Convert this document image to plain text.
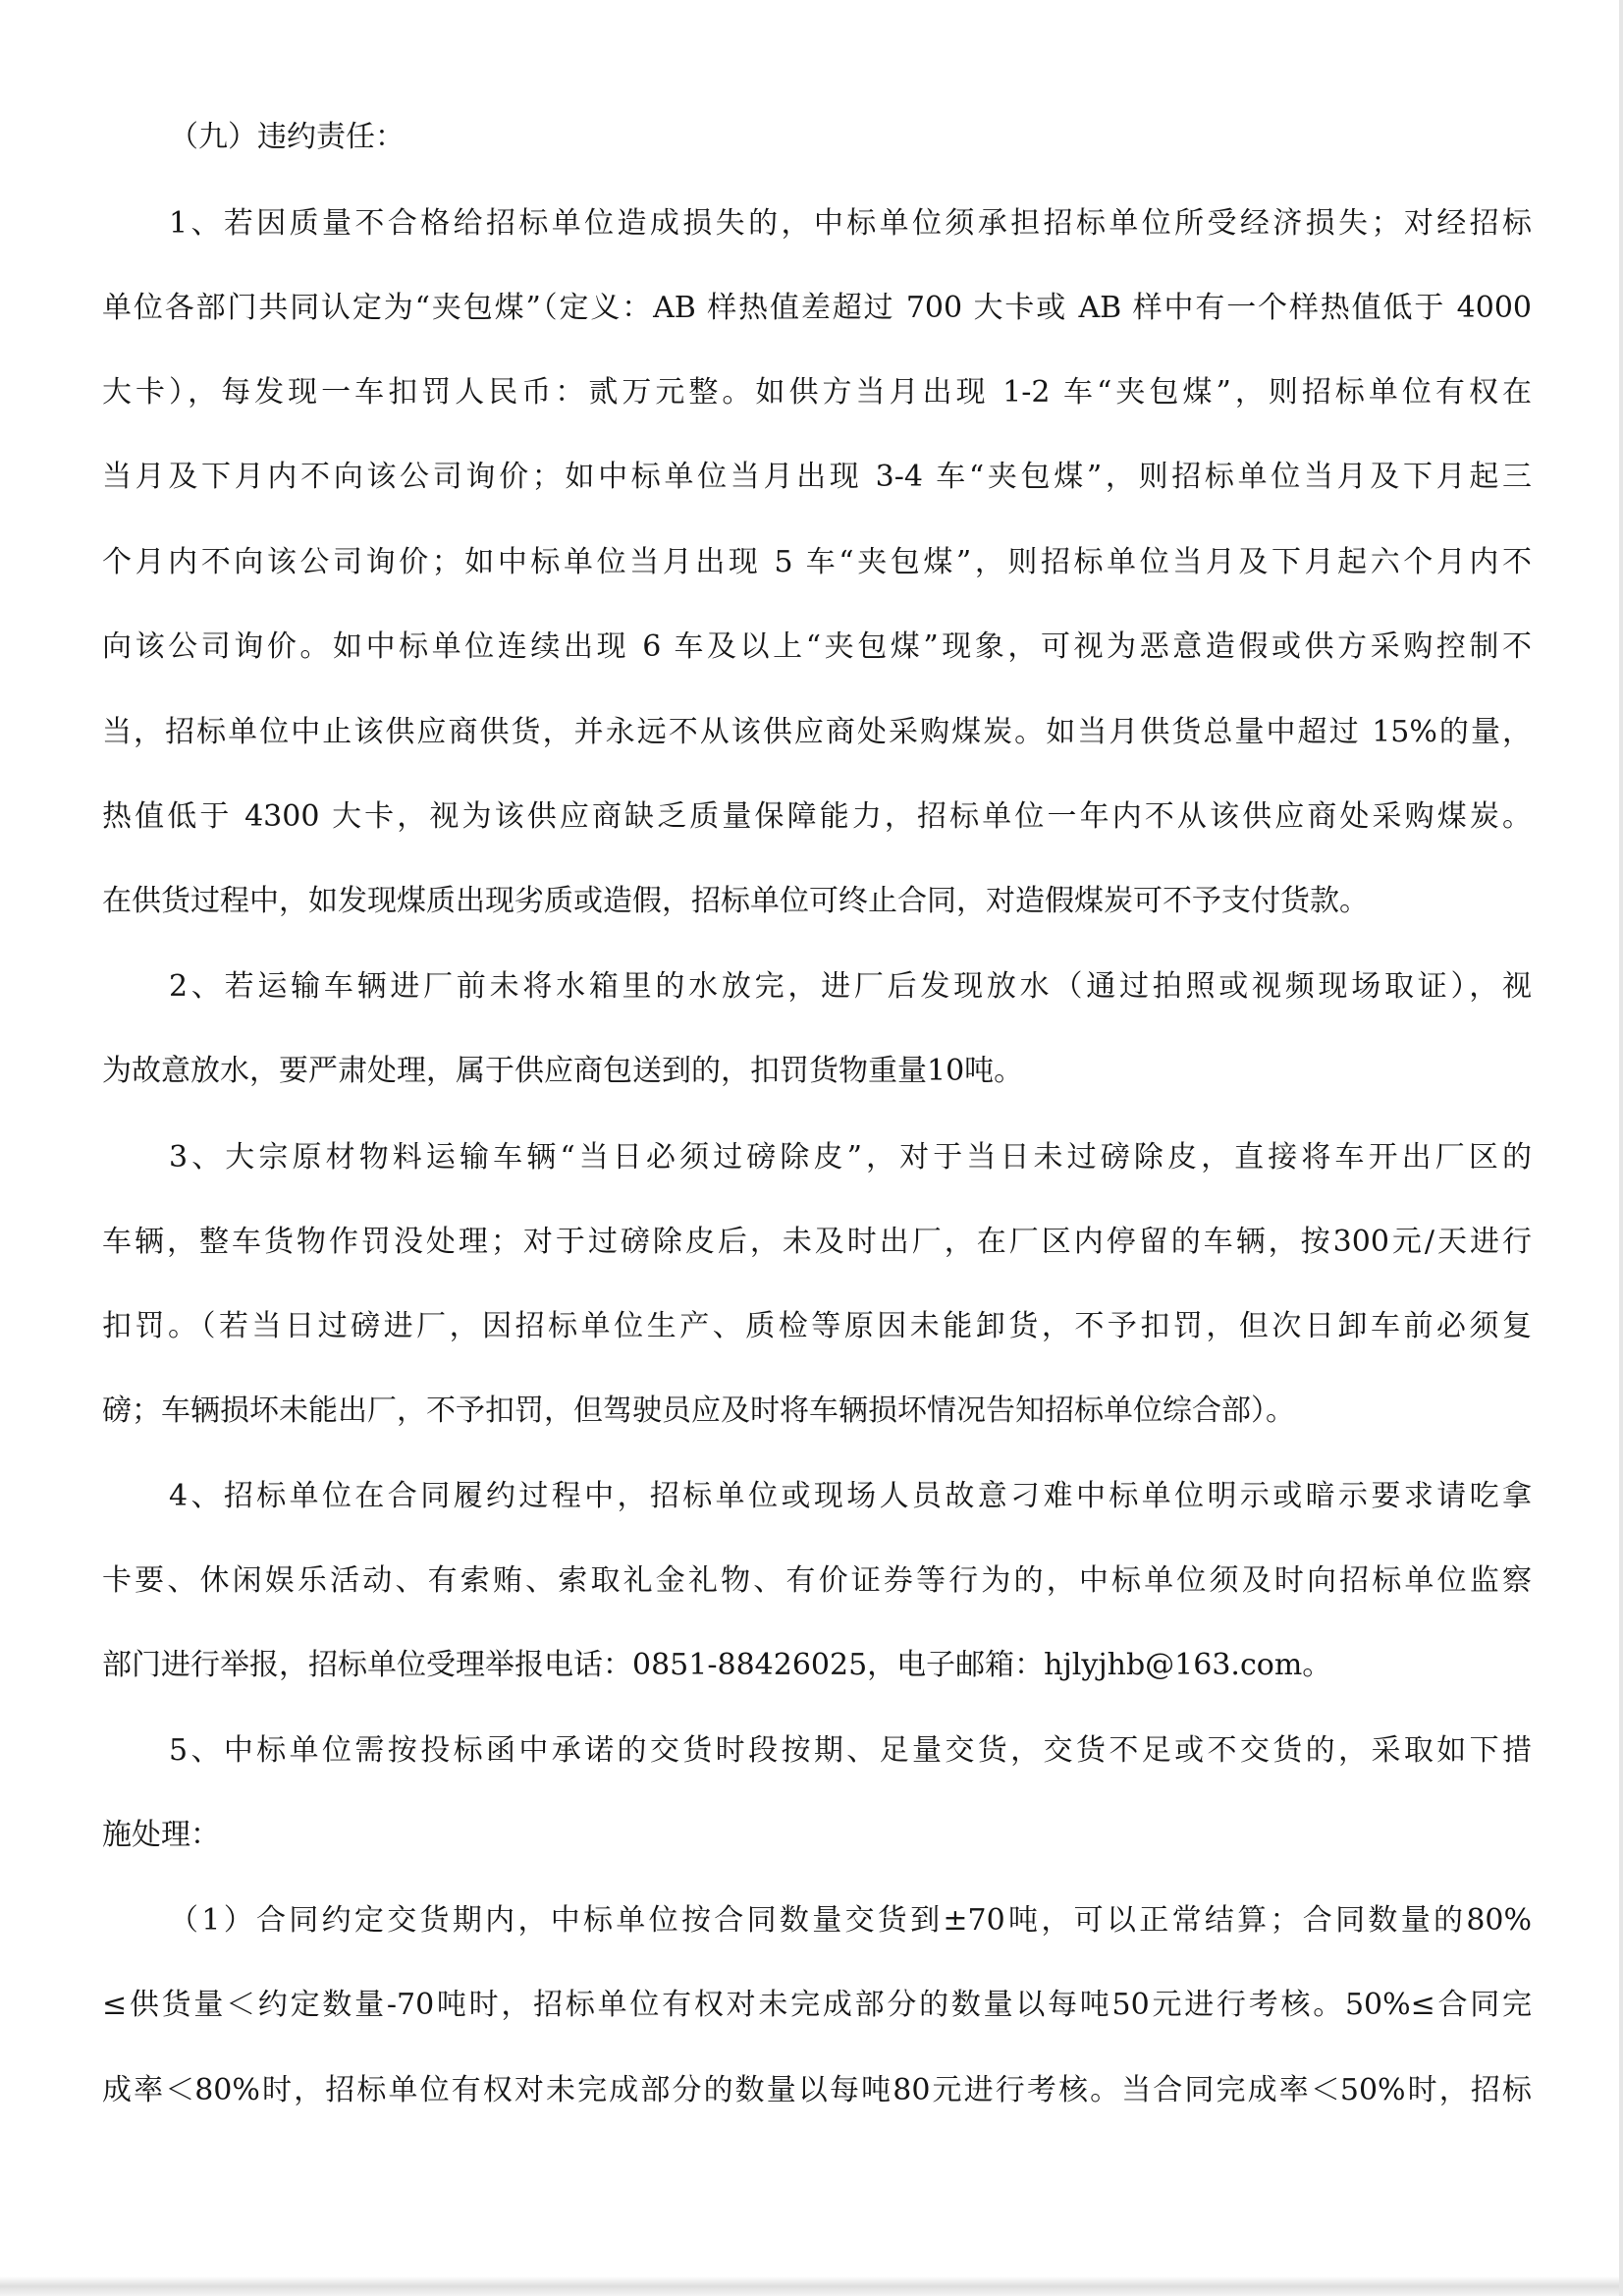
（九）违约责任：
1、若因质量不合格给招标单位造成损失的，中标单位须承担招标单位所受经济损失；对经招标
单位各部门共同认定为“夹包煤”（定义：AB 样热值差超过 700 大卡或 AB 样中有一个样热值低于 4000
大卡），每发现一车扣罚人民币：贰万元整。如供方当月出现 1-2 车“夹包煤”，则招标单位有权在
当月及下月内不向该公司询价；如中标单位当月出现 3-4 车“夹包煤”，则招标单位当月及下月起三
个月内不向该公司询价；如中标单位当月出现 5 车“夹包煤”，则招标单位当月及下月起六个月内不
向该公司询价。如中标单位连续出现 6 车及以上“夹包煤”现象，可视为恶意造假或供方采购控制不
当，招标单位中止该供应商供货，并永远不从该供应商处采购煤炭。如当月供货总量中超过 15%的量，
热值低于 4300 大卡，视为该供应商缺乏质量保障能力，招标单位一年内不从该供应商处采购煤炭。
在供货过程中，如发现煤质出现劣质或造假，招标单位可终止合同，对造假煤炭可不予支付货款。
2、若运输车辆进厂前未将水箱里的水放完，进厂后发现放水（通过拍照或视频现场取证），视
为故意放水，要严肃处理，属于供应商包送到的，扣罚货物重量10吨。
3、大宗原材物料运输车辆“当日必须过磅除皮”，对于当日未过磅除皮，直接将车开出厂区的
车辆，整车货物作罚没处理；对于过磅除皮后，未及时出厂，在厂区内停留的车辆，按300元/天进行
扣罚。（若当日过磅进厂，因招标单位生产、质检等原因未能卸货，不予扣罚，但次日卸车前必须复
磅；车辆损坏未能出厂，不予扣罚，但驾驶员应及时将车辆损坏情况告知招标单位综合部）。
4、招标单位在合同履约过程中，招标单位或现场人员故意刁难中标单位明示或暗示要求请吃拿
卡要、休闲娱乐活动、有索贿、索取礼金礼物、有价证券等行为的，中标单位须及时向招标单位监察
部门进行举报，招标单位受理举报电话：0851-88426025，电子邮箱：hjlyjhb@163.com。
5、中标单位需按投标函中承诺的交货时段按期、足量交货，交货不足或不交货的，采取如下措
施处理：
（1）合同约定交货期内，中标单位按合同数量交货到±70吨，可以正常结算；合同数量的80%
≤供货量＜约定数量-70吨时，招标单位有权对未完成部分的数量以每吨50元进行考核。50%≤合同完
成率＜80%时，招标单位有权对未完成部分的数量以每吨80元进行考核。当合同完成率＜50%时，招标
